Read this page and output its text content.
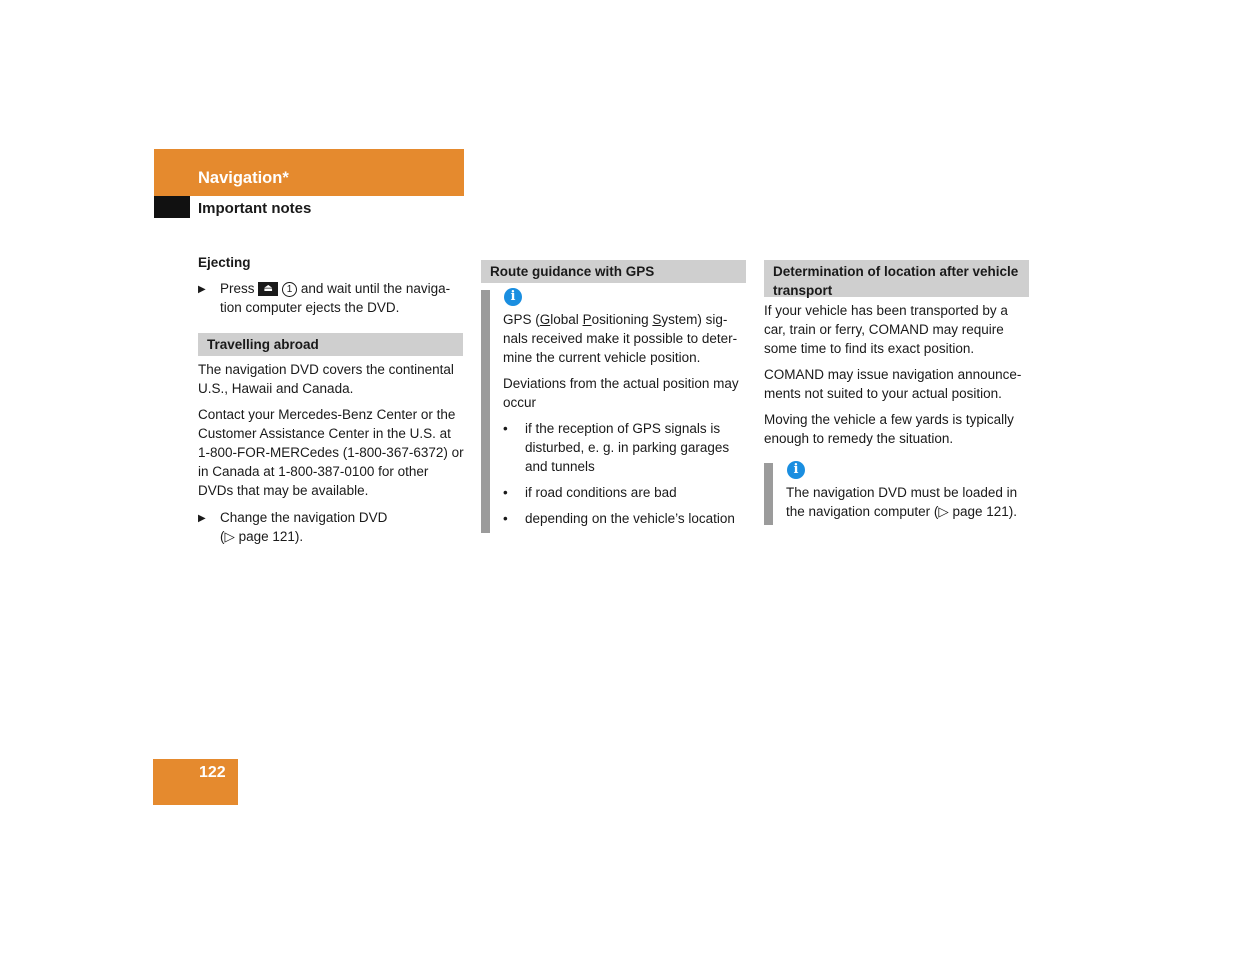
Navigation*
Important notes
Ejecting
▶	Press ⏏ 1 and wait until the naviga-
tion computer ejects the DVD.
Travelling abroad

The navigation DVD covers the continental U.S., Hawaii and Canada.

Contact your Mercedes-Benz Center or the Customer Assistance Center in the U.S. at 1-800-FOR-MERCedes (1-800-367-6372) or in Canada at 1-800-387-0100 for other DVDs that may be available.

▶	Change the navigation DVD
(▷ page 121).
Route guidance with GPS
i

GPS (Global Positioning System) sig- nals received make it possible to deter-mine the current vehicle position.

Deviations from the actual position may occur

•	if the reception of GPS signals is disturbed, e. g. in parking garages and tunnels
•	if road conditions are bad
•	depending on the vehicle’s location
Determination of location after vehicle transport

If your vehicle has been transported by a car, train or ferry, COMAND may require some time to find its exact position.

COMAND may issue navigation announce-ments not suited to your actual position.

Moving the vehicle a few yards is typically enough to remedy the situation.

i
The navigation DVD must be loaded in the navigation computer (▷ page 121).
122
